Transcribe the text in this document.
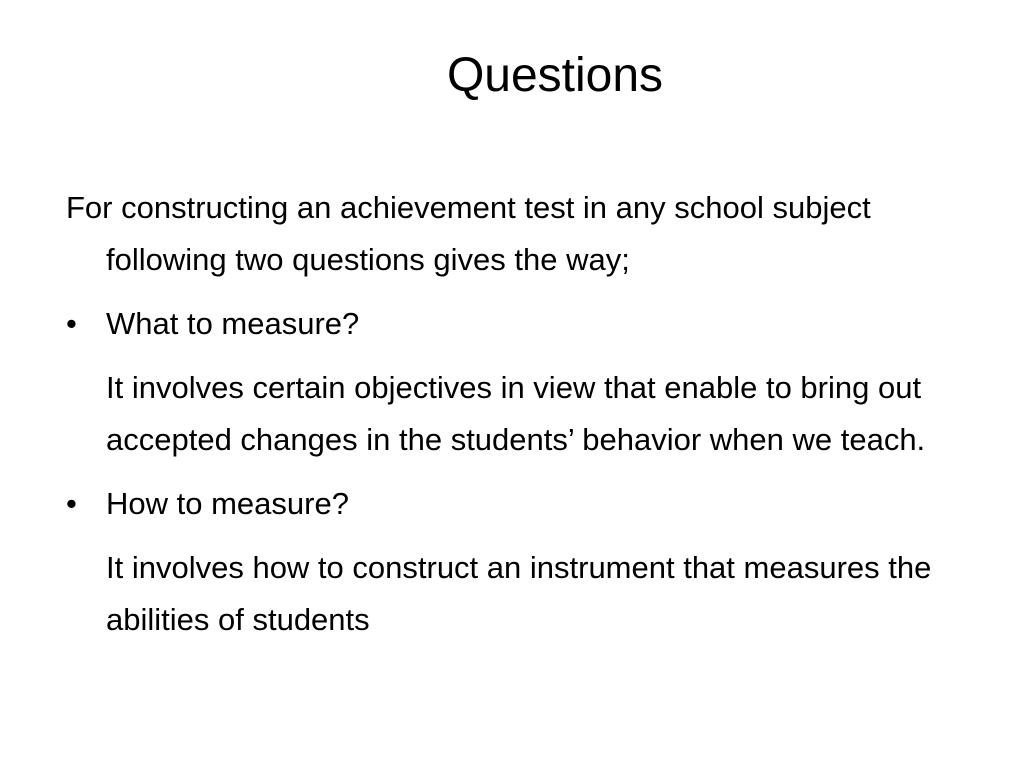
Questions

For constructing an achievement test in any school subject following two questions gives the way;

• What to measure?

It involves certain objectives in view that enable to bring out accepted changes in the students’ behavior when we teach.

• How to measure?

It involves how to construct an instrument that measures the abilities of students
